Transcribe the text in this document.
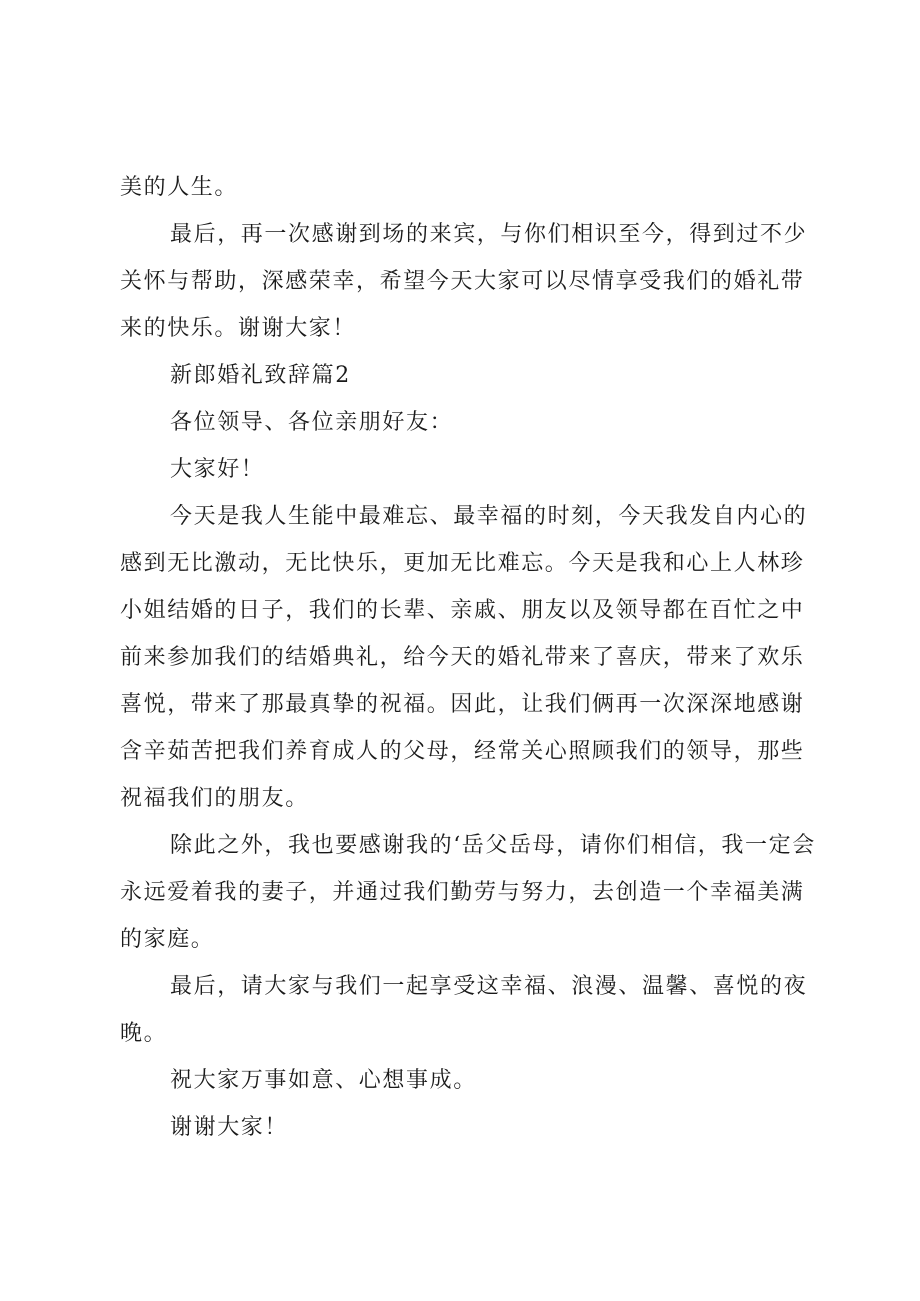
美的人生。

最后，再一次感谢到场的来宾，与你们相识至今，得到过不少关怀与帮助，深感荣幸，希望今天大家可以尽情享受我们的婚礼带来的快乐。谢谢大家！

新郎婚礼致辞篇2

各位领导、各位亲朋好友：

大家好！

今天是我人生能中最难忘、最幸福的时刻，今天我发自内心的感到无比激动，无比快乐，更加无比难忘。今天是我和心上人林珍小姐结婚的日子，我们的长辈、亲戚、朋友以及领导都在百忙之中前来参加我们的结婚典礼，给今天的婚礼带来了喜庆，带来了欢乐喜悦，带来了那最真挚的祝福。因此，让我们俩再一次深深地感谢含辛茹苦把我们养育成人的父母，经常关心照顾我们的领导，那些祝福我们的朋友。

除此之外，我也要感谢我的‘岳父岳母，请你们相信，我一定会永远爱着我的妻子，并通过我们勤劳与努力，去创造一个幸福美满的家庭。

最后，请大家与我们一起享受这幸福、浪漫、温馨、喜悦的夜晚。

祝大家万事如意、心想事成。

谢谢大家！
